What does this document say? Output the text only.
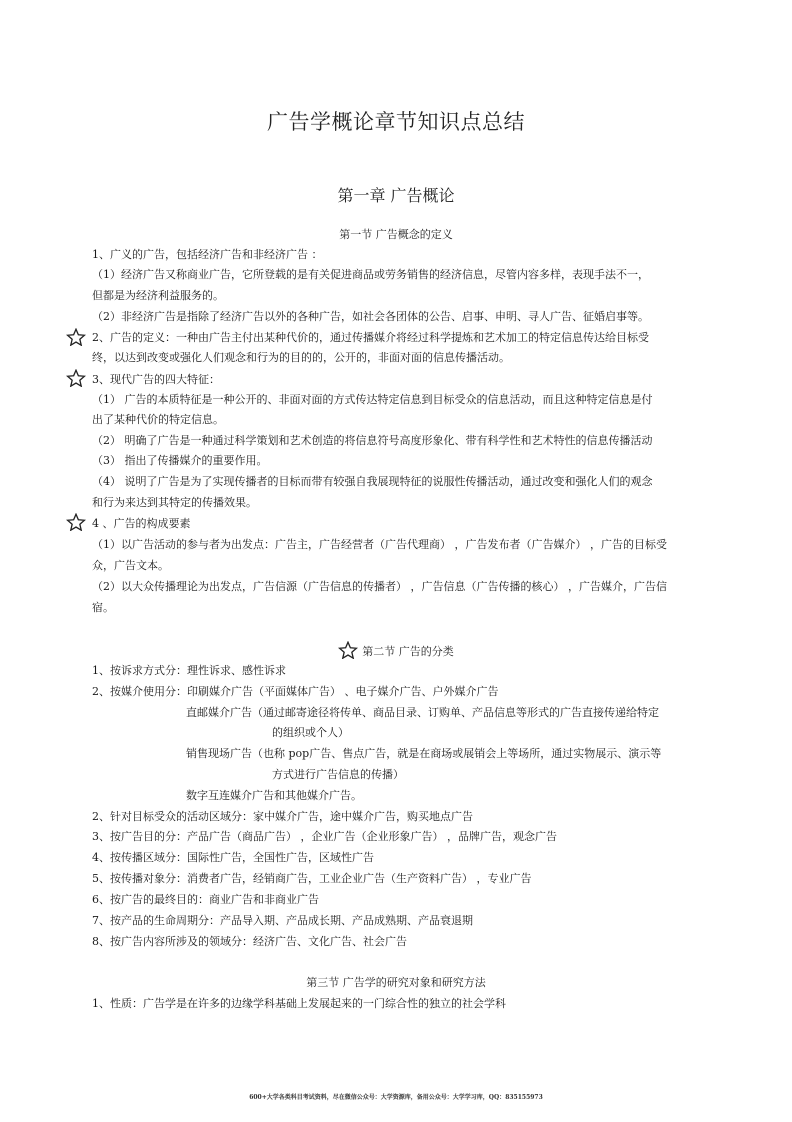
广告学概论章节知识点总结
第一章 广告概论
第一节 广告概念的定义
1、广义的广告，包括经济广告和非经济广告 ：
（1）经济广告又称商业广告，它所登载的是有关促进商品或劳务销售的经济信息，尽管内容多样，表现手法不一，
但都是为经济利益服务的。
（2）非经济广告是指除了经济广告以外的各种广告，如社会各团体的公告、启事、申明、寻人广告、征婚启事等。
2、广告的定义：一种由广告主付出某种代价的，通过传播媒介将经过科学提炼和艺术加工的特定信息传达给目标受
终，以达到改变或强化人们观念和行为的目的的，公开的，非面对面的信息传播活动。
3、现代广告的四大特征：
（1） 广告的本质特征是一种公开的、非面对面的方式传达特定信息到目标受众的信息活动，而且这种特定信息是付
出了某种代价的特定信息。
（2） 明确了广告是一种通过科学策划和艺术创造的将信息符号高度形象化、带有科学性和艺术特性的信息传播活动
（3） 指出了传播媒介的重要作用。
（4） 说明了广告是为了实现传播者的目标而带有较强自我展现特征的说服性传播活动，通过改变和强化人们的观念
和行为来达到其特定的传播效果。
4 、广告的构成要素
（1）以广告活动的参与者为出发点：广告主，广告经营者（广告代理商） ，广告发布者（广告媒介） ，广告的目标受
众，广告文本。
（2）以大众传播理论为出发点，广告信源（广告信息的传播者） ，广告信息（广告传播的核心） ，广告媒介，广告信
宿。
第二节 广告的分类
1、按诉求方式分：理性诉求、感性诉求
2、按媒介使用分：印刷媒介广告（平面媒体广告） 、电子媒介广告、户外媒介广告
直邮媒介广告（通过邮寄途径将传单、商品目录、订购单、产品信息等形式的广告直接传递给特定
的组织或个人）
销售现场广告（也称 pop广告、售点广告，就是在商场或展销会上等场所，通过实物展示、演示等
方式进行广告信息的传播）
数字互连媒介广告和其他媒介广告。
2、针对目标受众的活动区域分：家中媒介广告，途中媒介广告，购买地点广告
3、按广告目的分：产品广告（商品广告） ，企业广告（企业形象广告） ，品牌广告，观念广告
4、按传播区域分：国际性广告，全国性广告，区域性广告
5、按传播对象分：消费者广告，经销商广告，工业企业广告（生产资料广告） ，专业广告
6、按广告的最终目的：商业广告和非商业广告
7、按产品的生命周期分：产品导入期、产品成长期、产品成熟期、产品衰退期
8、按广告内容所涉及的领域分：经济广告、文化广告、社会广告
第三节 广告学的研究对象和研究方法
1、性质：广告学是在许多的边缘学科基础上发展起来的一门综合性的独立的社会学科
600+大学各类科目考试资料，尽在微信公众号：大学资源库，备用公众号：大学学习库，QQ：835155973
